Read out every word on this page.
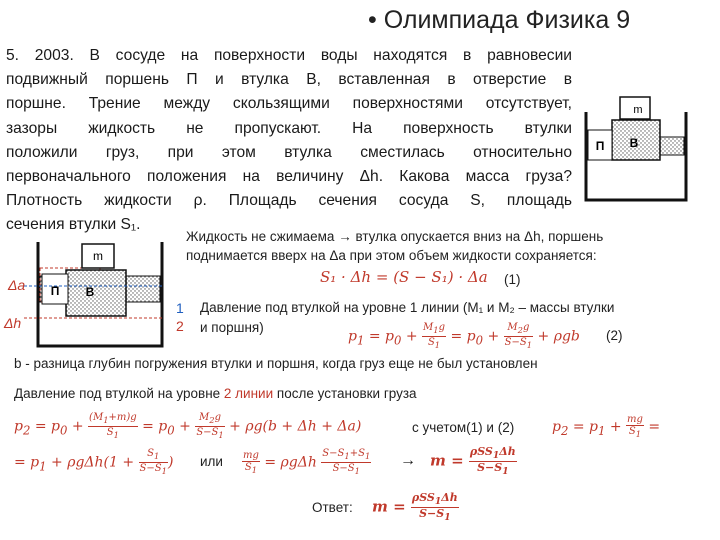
• Олимпиада Физика 9
5. 2003. В сосуде на поверхности воды находятся в равновесии
подвижный поршень П и втулка В, вставленная в отверстие в
поршне. Трение между скользящими поверхностями отсутствует,
зазоры жидкость не пропускают. На поверхность втулки
положили груз, при этом втулка сместилась относительно
первоначального положения на величину Δh. Какова масса груза?
Плотность жидкости ρ. Площадь сечения сосуда S, площадь
сечения втулки S₁.
m
П В
m
П В
Δa
Δh
Жидкость не сжимаема → втулка опускается вниз на Δh, поршень
поднимается вверх на Δa при этом объем жидкости сохраняется:
S₁ · Δh = (S − S₁) · Δa (1)
1
2
Давление под втулкой на уровне 1 линии (M₁ и M₂ – массы втулки
и поршня)
$p_1 = p_0 + \frac{M_1g}{S_1} = p_0 + \frac{M_2g}{S-S_1} + \rho gb$ (2)
b - разница глубин погружения втулки и поршня, когда груз еще не был установлен
Давление под втулкой на уровне 2 линии после установки груза
$p_2 = p_0 + \frac{(M_1+m)g}{S_1} = p_0 + \frac{M_2g}{S-S_1} + \rho g(b + \Delta h + \Delta a)$	с учетом(1) и (2)	$p_2 = p_1 + \frac{mg}{S_1}$ =
= $p_1 + \rho g\Delta h(1 + \frac{S_1}{S-S_1}$ ) или $\frac{mg}{S_1} = \rho g\Delta h \frac{S-S_1+S_1}{S-S_1} \to m = \frac{\rho SS_1\Delta h}{S-S_1}$
Ответ: $m = \frac{\rho SS_1\Delta h}{S-S_1}$
